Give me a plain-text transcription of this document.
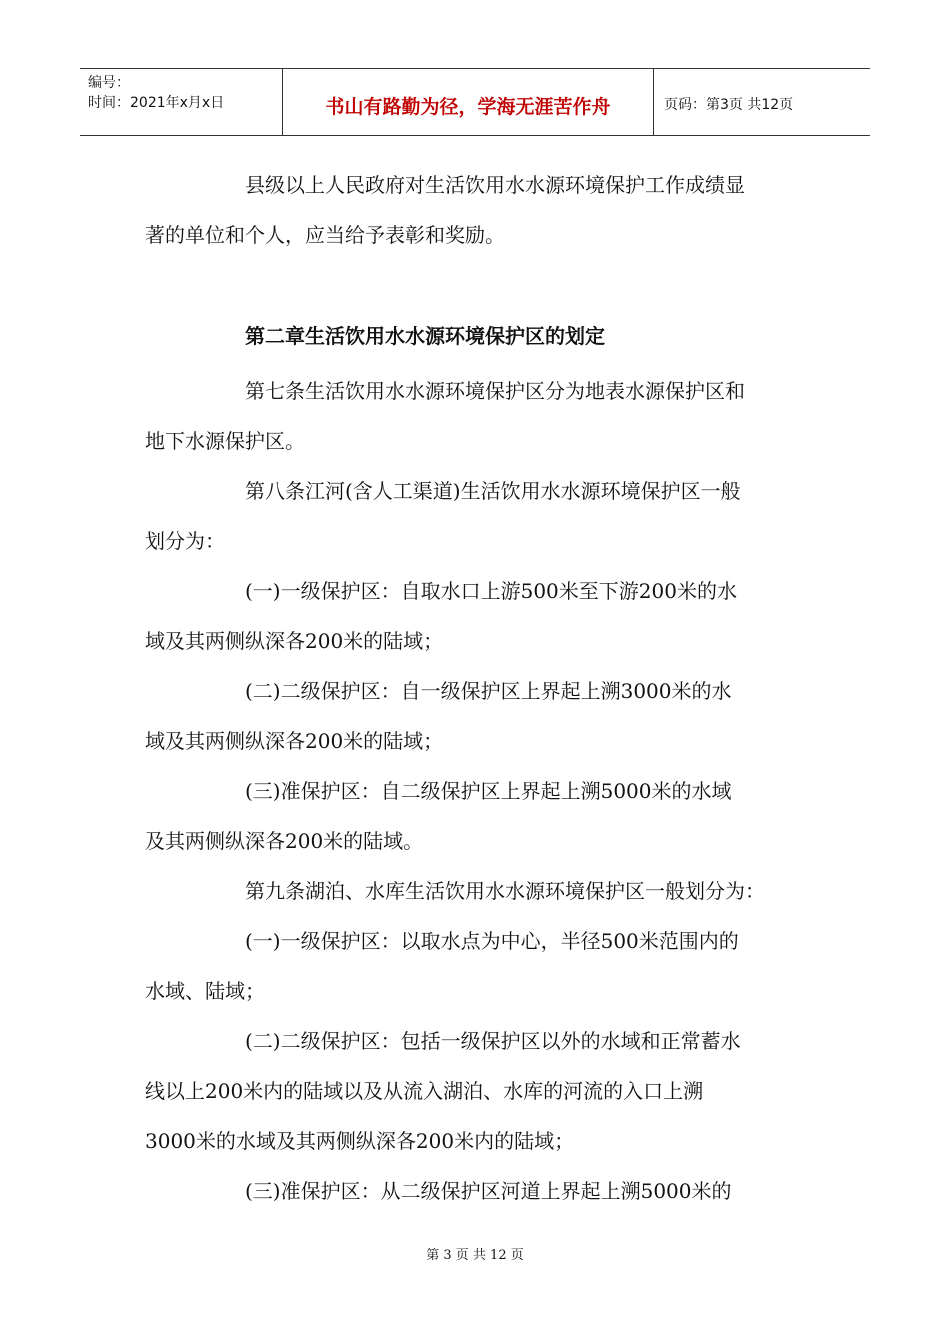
编号：
时间：2021年x月x日	书山有路勤为径，学海无涯苦作舟	页码：第3页 共12页
县级以上人民政府对生活饮用水水源环境保护工作成绩显
著的单位和个人，应当给予表彰和奖励。
第二章生活饮用水水源环境保护区的划定
第七条生活饮用水水源环境保护区分为地表水源保护区和
地下水源保护区。
第八条江河(含人工渠道)生活饮用水水源环境保护区一般
划分为：
(一)一级保护区：自取水口上游500米至下游200米的水
域及其两侧纵深各200米的陆域；
(二)二级保护区：自一级保护区上界起上溯3000米的水
域及其两侧纵深各200米的陆域；
(三)准保护区：自二级保护区上界起上溯5000米的水域
及其两侧纵深各200米的陆域。
第九条湖泊、水库生活饮用水水源环境保护区一般划分为：
(一)一级保护区：以取水点为中心，半径500米范围内的
水域、陆域；
(二)二级保护区：包括一级保护区以外的水域和正常蓄水
线以上200米内的陆域以及从流入湖泊、水库的河流的入口上溯
3000米的水域及其两侧纵深各200米内的陆域；
(三)准保护区：从二级保护区河道上界起上溯5000米的
第 3 页 共 12 页
